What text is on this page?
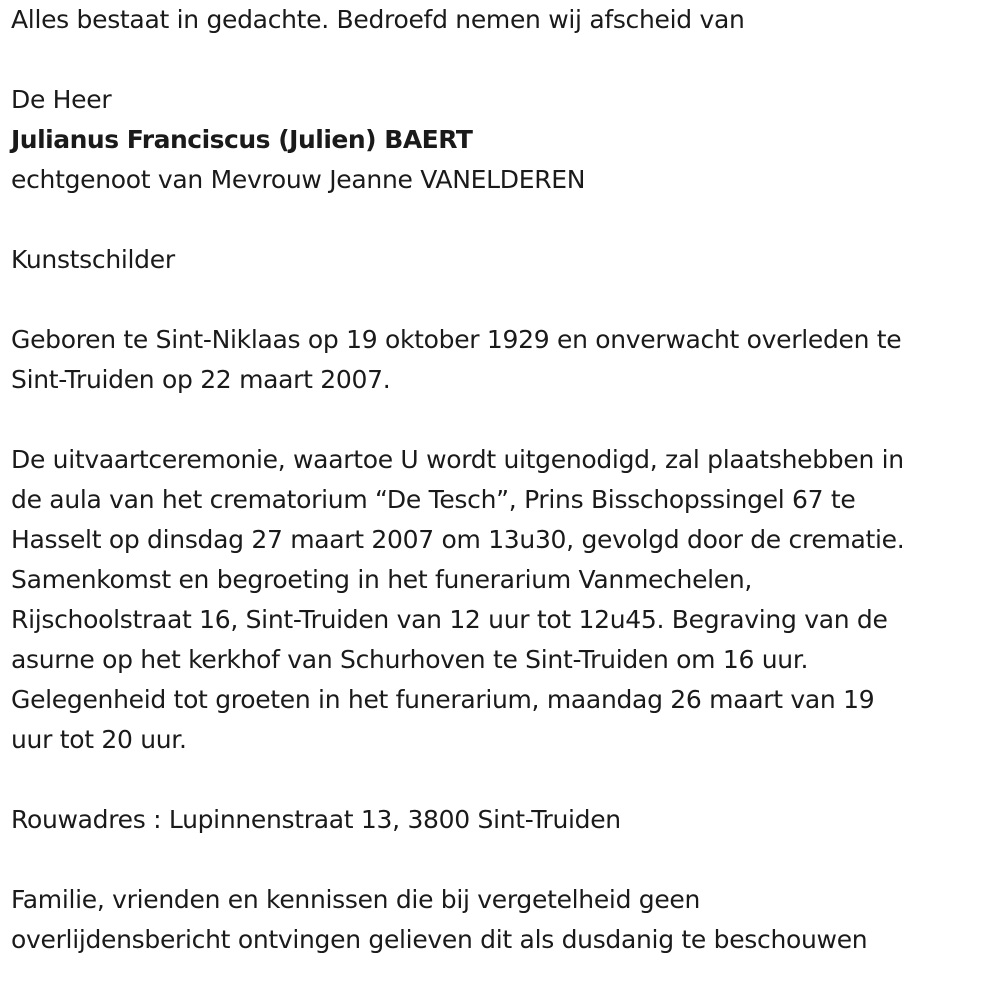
Alles bestaat in gedachte. Bedroefd nemen wij afscheid van

De Heer

Julianus Franciscus (Julien) BAERT

echtgenoot van Mevrouw Jeanne VANELDEREN

Kunstschilder

Geboren te Sint-Niklaas op 19 oktober 1929 en onverwacht overleden te

Sint-Truiden op 22 maart 2007.

De uitvaartceremonie, waartoe U wordt uitgenodigd, zal plaatshebben in

de aula van het crematorium “De Tesch”, Prins Bisschopssingel 67 te

Hasselt op dinsdag 27 maart 2007 om 13u30, gevolgd door de crematie.

Samenkomst en begroeting in het funerarium Vanmechelen,

Rijschoolstraat 16, Sint-Truiden van 12 uur tot 12u45. Begraving van de

asurne op het kerkhof van Schurhoven te Sint-Truiden om 16 uur.

Gelegenheid tot groeten in het funerarium, maandag 26 maart van 19

uur tot 20 uur.

Rouwadres : Lupinnenstraat 13, 3800 Sint-Truiden

Familie, vrienden en kennissen die bij vergetelheid geen

overlijdensbericht ontvingen gelieven dit als dusdanig te beschouwen
